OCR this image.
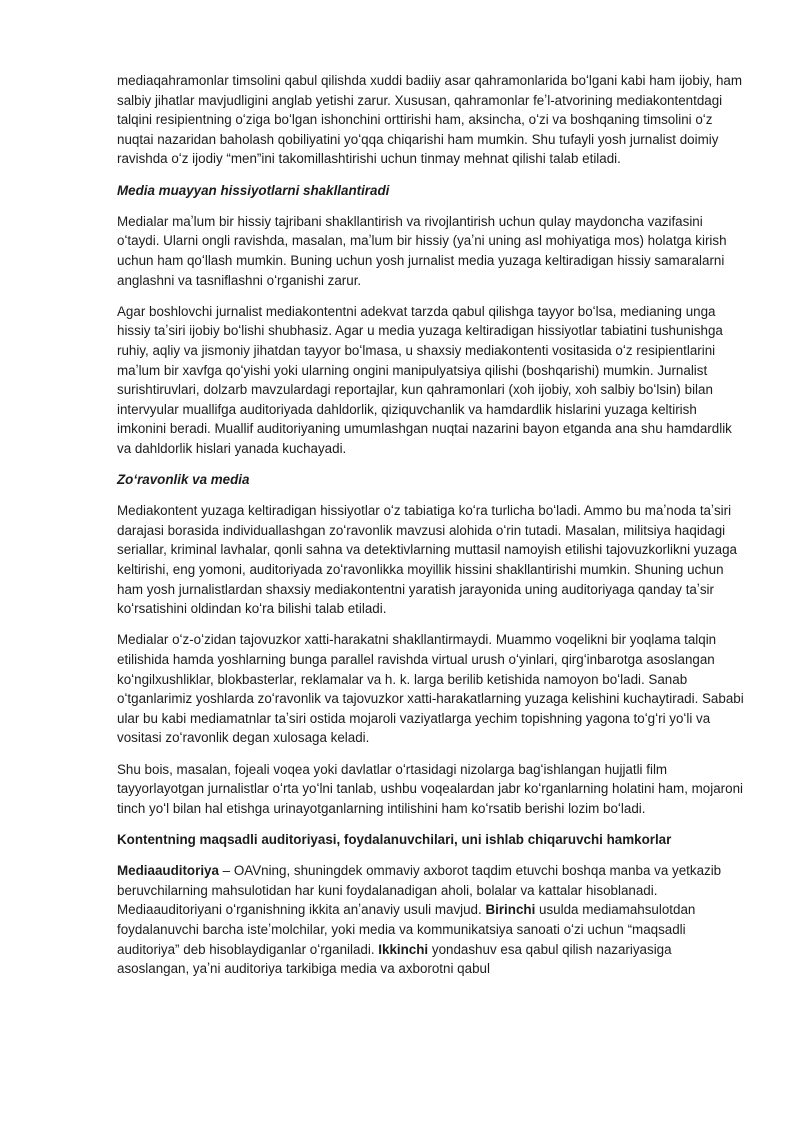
mediaqahramonlar timsolini qabul qilishda xuddi badiiy asar qahramonlarida boʻlgani kabi ham ijobiy, ham salbiy jihatlar mavjudligini anglab yetishi zarur. Xususan, qahramonlar feʼl-atvorining mediakontentdagi talqini resipientning oʻziga boʻlgan ishonchini orttirishi ham, aksincha, oʻzi va boshqaning timsolini oʻz nuqtai nazaridan baholash qobiliyatini yoʻqqa chiqarishi ham mumkin. Shu tufayli yosh jurnalist doimiy ravishda oʻz ijodiy “men”ini takomillashtirishi uchun tinmay mehnat qilishi talab etiladi.

Media muayyan hissiyotlarni shakllantiradi

Medialar maʼlum bir hissiy tajribani shakllantirish va rivojlantirish uchun qulay maydoncha vazifasini oʻtaydi. Ularni ongli ravishda, masalan, maʼlum bir hissiy (yaʼni uning asl mohiyatiga mos) holatga kirish uchun ham qoʻllash mumkin. Buning uchun yosh jurnalist media yuzaga keltiradigan hissiy samaralarni anglashni va tasniflashni oʻrganishi zarur.

Agar boshlovchi jurnalist mediakontentni adekvat tarzda qabul qilishga tayyor boʻlsa, medianing unga hissiy taʼsiri ijobiy boʻlishi shubhasiz. Agar u media yuzaga keltiradigan hissiyotlar tabiatini tushunishga ruhiy, aqliy va jismoniy jihatdan tayyor boʻlmasa, u shaxsiy mediakontenti vositasida oʻz resipientlarini maʼlum bir xavfga qoʻyishi yoki ularning ongini manipulyatsiya qilishi (boshqarishi) mumkin. Jurnalist surishtiruvlari, dolzarb mavzulardagi reportajlar, kun qahramonlari (xoh ijobiy, xoh salbiy boʻlsin) bilan intervyular muallifga auditoriyada dahldorlik, qiziquvchanlik va hamdardlik hislarini yuzaga keltirish imkonini beradi. Muallif auditoriyaning umumlashgan nuqtai nazarini bayon etganda ana shu hamdardlik va dahldorlik hislari yanada kuchayadi.

Zoʻravonlik va media

Mediakontent yuzaga keltiradigan hissiyotlar oʻz tabiatiga koʻra turlicha boʻladi. Ammo bu maʼnoda taʼsiri darajasi borasida individuallashgan zoʻravonlik mavzusi alohida oʻrin tutadi. Masalan, militsiya haqidagi seriallar, kriminal lavhalar, qonli sahna va detektivlarning muttasil namoyish etilishi tajovuzkorlikni yuzaga keltirishi, eng yomoni, auditoriyada zoʻravonlikka moyillik hissini shakllantirishi mumkin. Shuning uchun ham yosh jurnalistlardan shaxsiy mediakontentni yaratish jarayonida uning auditoriyaga qanday taʼsir koʻrsatishini oldindan koʻra bilishi talab etiladi.

Medialar oʻz-oʻzidan tajovuzkor xatti-harakatni shakllantirmaydi. Muammo voqelikni bir yoqlama talqin etilishida hamda yoshlarning bunga parallel ravishda virtual urush oʻyinlari, qirgʻinbarotga asoslangan koʻngilxushliklar, blokbasterlar, reklamalar va h. k. larga berilib ketishida namoyon boʻladi. Sanab oʻtganlarimiz yoshlarda zoʻravonlik va tajovuzkor xatti-harakatlarning yuzaga kelishini kuchaytiradi. Sababi ular bu kabi mediamatnlar taʼsiri ostida mojaroli vaziyatlarga yechim topishning yagona toʻgʻri yoʻli va vositasi zoʻravonlik degan xulosaga keladi.

Shu bois, masalan, fojeali voqea yoki davlatlar oʻrtasidagi nizolarga bagʻishlangan hujjatli film tayyorlayotgan jurnalistlar oʻrta yoʻlni tanlab, ushbu voqealardan jabr koʻrganlarning holatini ham, mojaroni tinch yoʻl bilan hal etishga urinayotganlarning intilishini ham koʻrsatib berishi lozim boʻladi.

Kontentning maqsadli auditoriyasi, foydalanuvchilari, uni ishlab chiqaruvchi hamkorlar

Mediaauditoriya – OAVning, shuningdek ommaviy axborot taqdim etuvchi boshqa manba va yetkazib beruvchilarning mahsulotidan har kuni foydalanadigan aholi, bolalar va kattalar hisoblanadi. Mediaauditoriyani oʻrganishning ikkita anʼanaviy usuli mavjud. Birinchi usulda mediamahsulotdan foydalanuvchi barcha isteʼmolchilar, yoki media va kommunikatsiya sanoati oʻzi uchun “maqsadli auditoriya” deb hisoblaydiganlar oʻrganiladi. Ikkinchi yondashuv esa qabul qilish nazariyasiga asoslangan, yaʼni auditoriya tarkibiga media va axborotni qabul
